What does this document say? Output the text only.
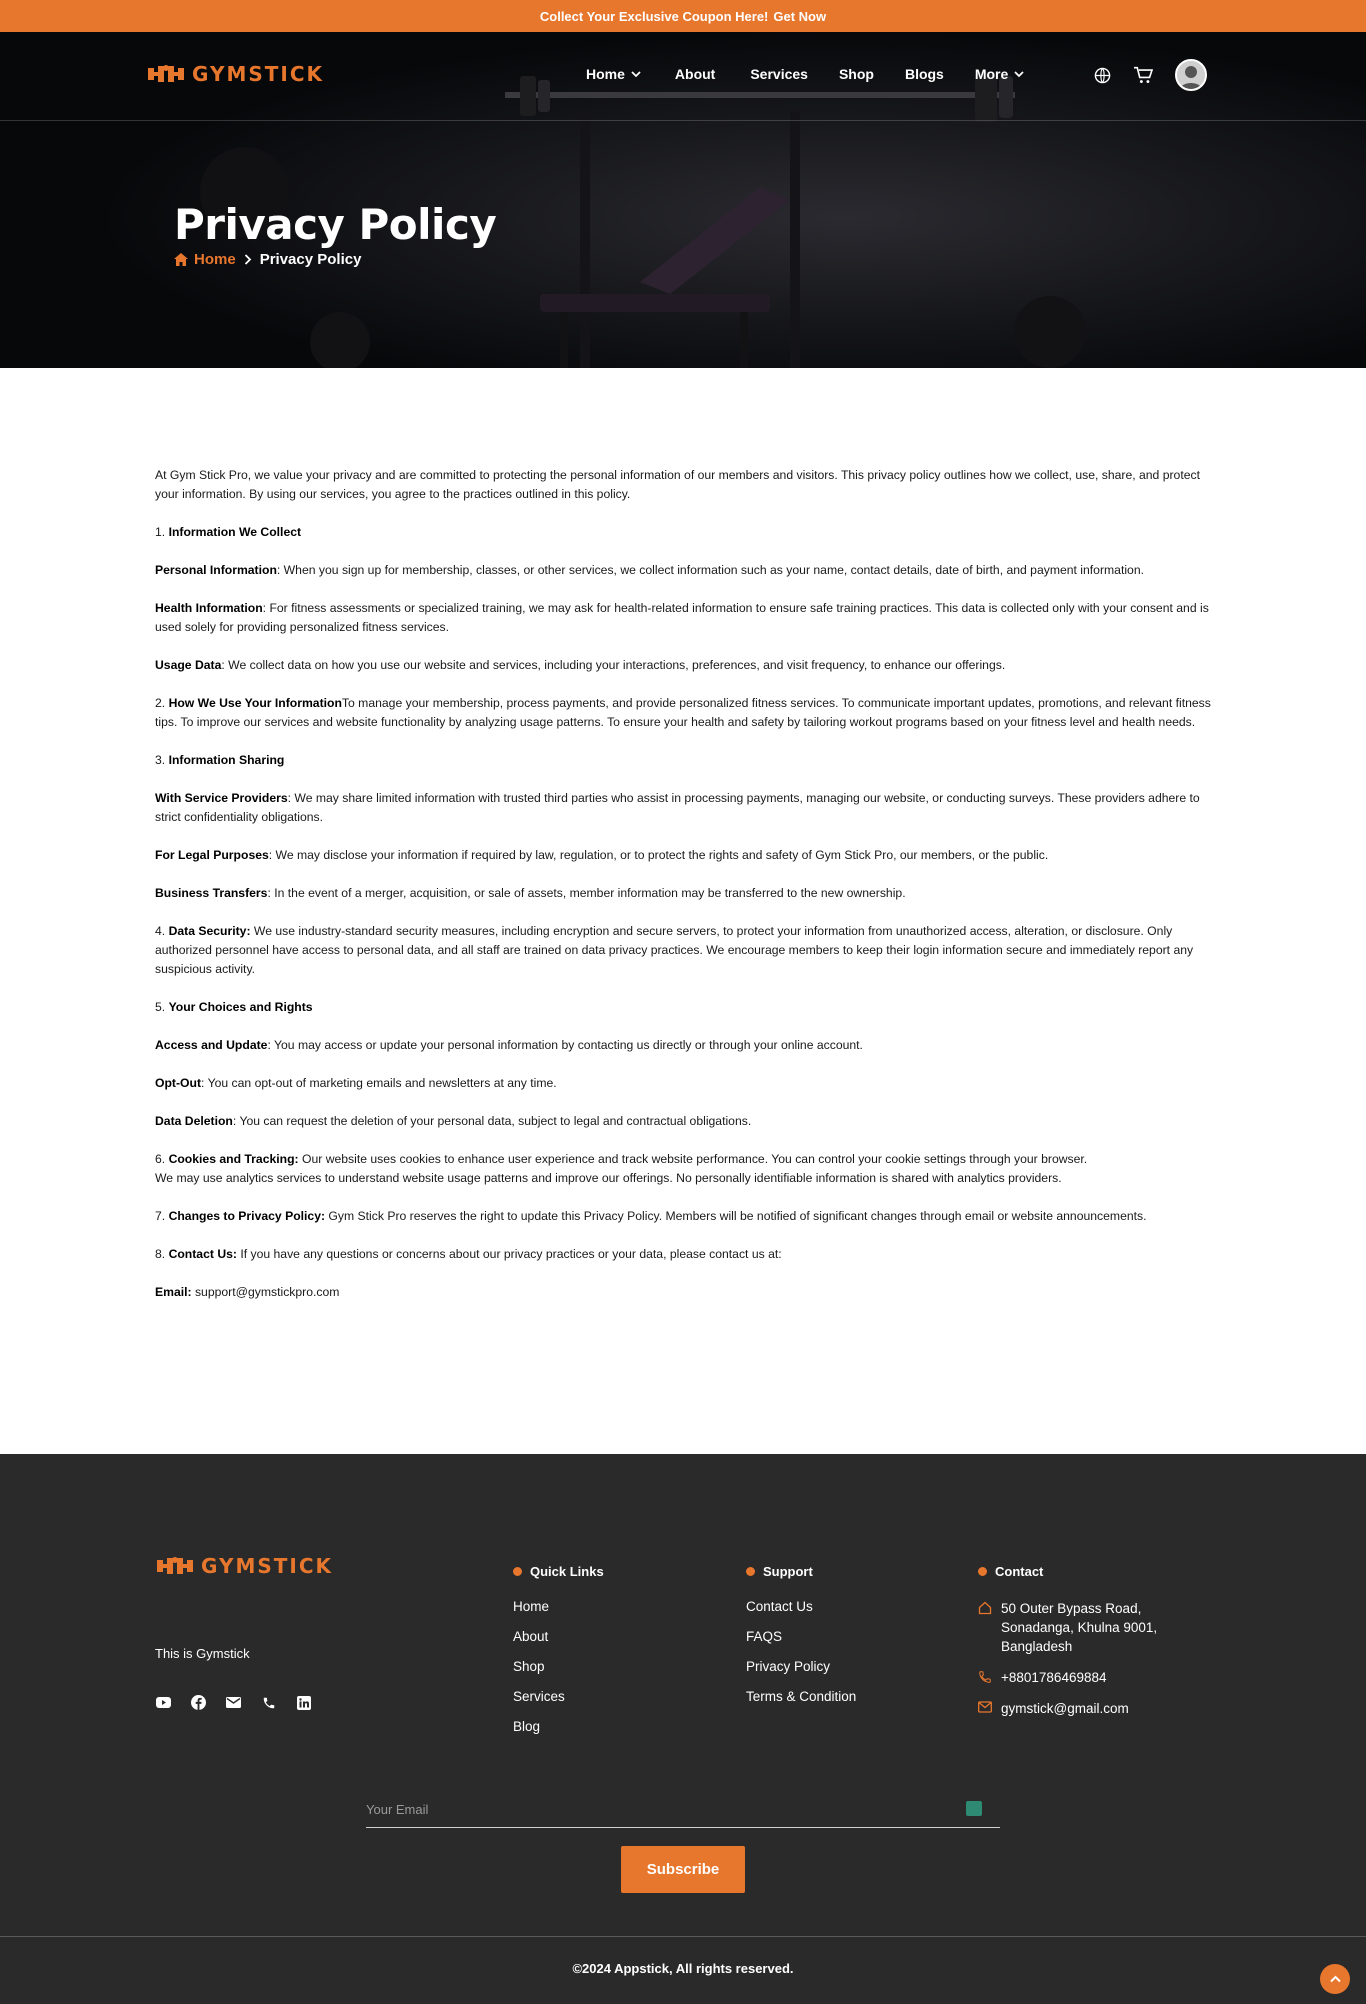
Collect Your Exclusive Coupon Here! Get Now
GYMSTICK	Home	About	Services Shop Blogs More
Privacy Policy
Home Privacy Policy

At Gym Stick Pro, we value your privacy and are committed to protecting the personal information of our members and visitors. This privacy policy outlines how we collect, use, share, and protect your information. By using our services, you agree to the practices outlined in this policy.

1. Information We Collect

Personal Information: When you sign up for membership, classes, or other services, we collect information such as your name, contact details, date of birth, and payment information.

Health Information: For fitness assessments or specialized training, we may ask for health-related information to ensure safe training practices. This data is collected only with your consent and is used solely for providing personalized fitness services.

Usage Data: We collect data on how you use our website and services, including your interactions, preferences, and visit frequency, to enhance our offerings.

2. How We Use Your InformationTo manage your membership, process payments, and provide personalized fitness services. To communicate important updates, promotions, and relevant fitness tips. To improve our services and website functionality by analyzing usage patterns. To ensure your health and safety by tailoring workout programs based on your fitness level and health needs.

3. Information Sharing

With Service Providers: We may share limited information with trusted third parties who assist in processing payments, managing our website, or conducting surveys. These providers adhere to strict confidentiality obligations.

For Legal Purposes: We may disclose your information if required by law, regulation, or to protect the rights and safety of Gym Stick Pro, our members, or the public.

Business Transfers: In the event of a merger, acquisition, or sale of assets, member information may be transferred to the new ownership.

4. Data Security: We use industry-standard security measures, including encryption and secure servers, to protect your information from unauthorized access, alteration, or disclosure. Only authorized personnel have access to personal data, and all staff are trained on data privacy practices. We encourage members to keep their login information secure and immediately report any suspicious activity.

5. Your Choices and Rights

Access and Update: You may access or update your personal information by contacting us directly or through your online account.

Opt-Out: You can opt-out of marketing emails and newsletters at any time.

Data Deletion: You can request the deletion of your personal data, subject to legal and contractual obligations.

6. Cookies and Tracking: Our website uses cookies to enhance user experience and track website performance. You can control your cookie settings through your browser.
We may use analytics services to understand website usage patterns and improve our offerings. No personally identifiable information is shared with analytics providers.

7. Changes to Privacy Policy: Gym Stick Pro reserves the right to update this Privacy Policy. Members will be notified of significant changes through email or website announcements.

8. Contact Us: If you have any questions or concerns about our privacy practices or your data, please contact us at:

Email: support@gymstickpro.com

GYMSTICK
This is Gymstick
Quick Links
Home
About
Shop
Services
Blog
Support
Contact Us
FAQS
Privacy Policy
Terms & Condition
Contact
50 Outer Bypass Road, Sonadanga, Khulna 9001, Bangladesh
+8801786469884
gymstick@gmail.com
Your Email
Subscribe
©2024 Appstick, All rights reserved.
